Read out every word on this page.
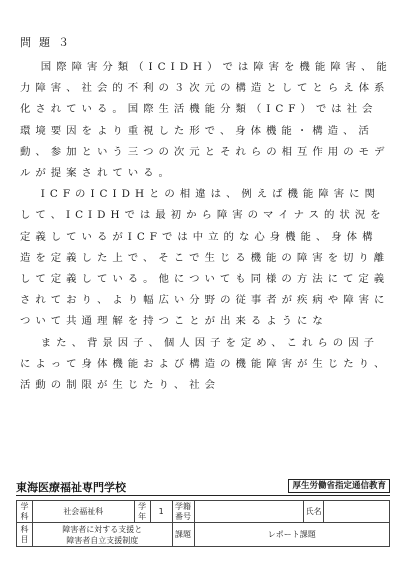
問題３

国際障害分類（ICIDH）では障害を機能障害、能力障害、社会的不利の３次元の構造としてとらえ体系化されている。国際生活機能分類（ICF）では社会環境要因をより重視した形で、身体機能・構造、活動、参加という三つの次元とそれらの相互作用のモデルが提案されている。

ICFのICIDHとの相違は、例えば機能障害に関して、ICIDHでは最初から障害のマイナス的状況を定義しているがICFでは中立的な心身機能、身体構造を定義した上で、そこで生じる機能の障害を切り離して定義している。他についても同様の方法にて定義されており、より幅広い分野の従事者が疾病や障害について共通理解を持つことが出来るようにな

また、背景因子、個人因子を定め、これらの因子によって身体機能および構造の機能障害が生じたり、活動の制限が生じたり、社会

東海医療福祉専門学校	厚生労働省指定通信教育
学科	社会福祉科	学年	1	学籍番号		氏名	
科目	障害者に対する支援と
障害者自立支援制度			課題	レポート課題		
